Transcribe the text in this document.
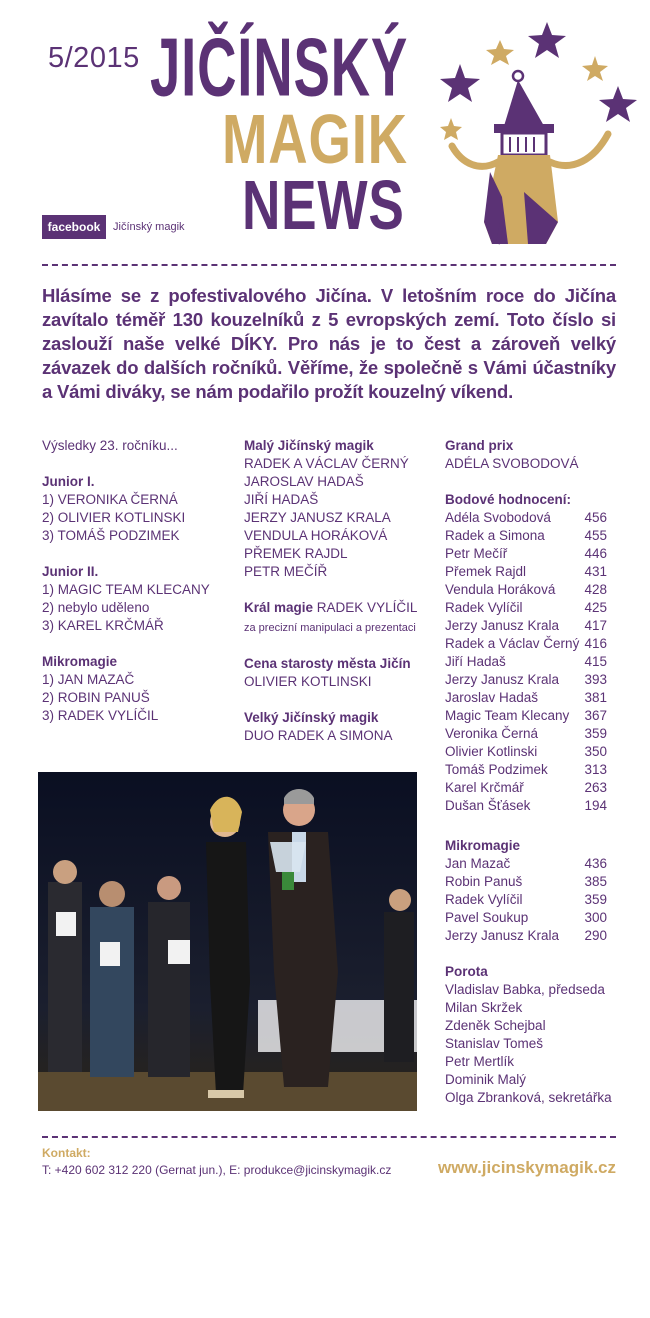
5/2015 JIČÍNSKÝ
MAGIK
NEWS
facebook	Jičínský magik
Hlásíme se z pofestivalového Jičína. V letošním roce do Jičína zavítalo téměř 130 kouzelníků z 5 evropských zemí. Toto číslo si zaslouží naše velké DÍKY. Pro nás je to čest a zároveň velký závazek do dalších ročníků. Věříme, že společně s Vámi účastníky a Vámi diváky, se nám podařilo prožít kouzelný víkend.
Výsledky 23. ročníku...
Junior I.
1) VERONIKA ČERNÁ
2) OLIVIER KOTLINSKI
3) TOMÁŠ PODZIMEK
Junior II.
1) MAGIC TEAM KLECANY
2) nebylo uděleno
3) KAREL KRČMÁŘ
Mikromagie
1) JAN MAZAČ
2) ROBIN PANUŠ
3) RADEK VYLÍČIL
Malý Jičínský magik
RADEK A VÁCLAV ČERNÝ
JAROSLAV HADAŠ
JIŘÍ HADAŠ
JERZY JANUSZ KRALA
VENDULA HORÁKOVÁ
PŘEMEK RAJDL
PETR MEČÍŘ
Král magie RADEK VYLÍČIL
za precizní manipulaci a prezentaci
Cena starosty města Jičín
OLIVIER KOTLINSKI
Velký Jičínský magik
DUO RADEK A SIMONA
Grand prix
ADÉLA SVOBODOVÁ
Bodové hodnocení:
Adéla Svobodová 456
Radek a Simona	455
Petr Mečíř	446
Přemek Rajdl	431
Vendula Horáková 428
Radek Vylíčil	425
Jerzy Janusz Krala 417
Radek a Václav Černý 416
Jiří Hadaš	415
Jerzy Janusz Krala 393
Jaroslav Hadaš	381
Magic Team Klecany 367
Veronika Černá	359
Olivier Kotlinski	350
Tomáš Podzimek	313
Karel Krčmář	263
Dušan Šťásek	194
Mikromagie
Jan Mazač	436
Robin Panuš	385
Radek Vylíčil	359
Pavel Soukup	300
Jerzy Janusz Krala 290
Porota
Vladislav Babka, předseda
Milan Skržek
Zdeněk Schejbal
Stanislav Tomeš
Petr Mertlík
Dominik Malý
Olga Zbranková, sekretářka
Kontakt:
T: +420 602 312 220 (Gernat jun.), E: produkce@jicinskymagik.cz	www.jicinskymagik.cz
